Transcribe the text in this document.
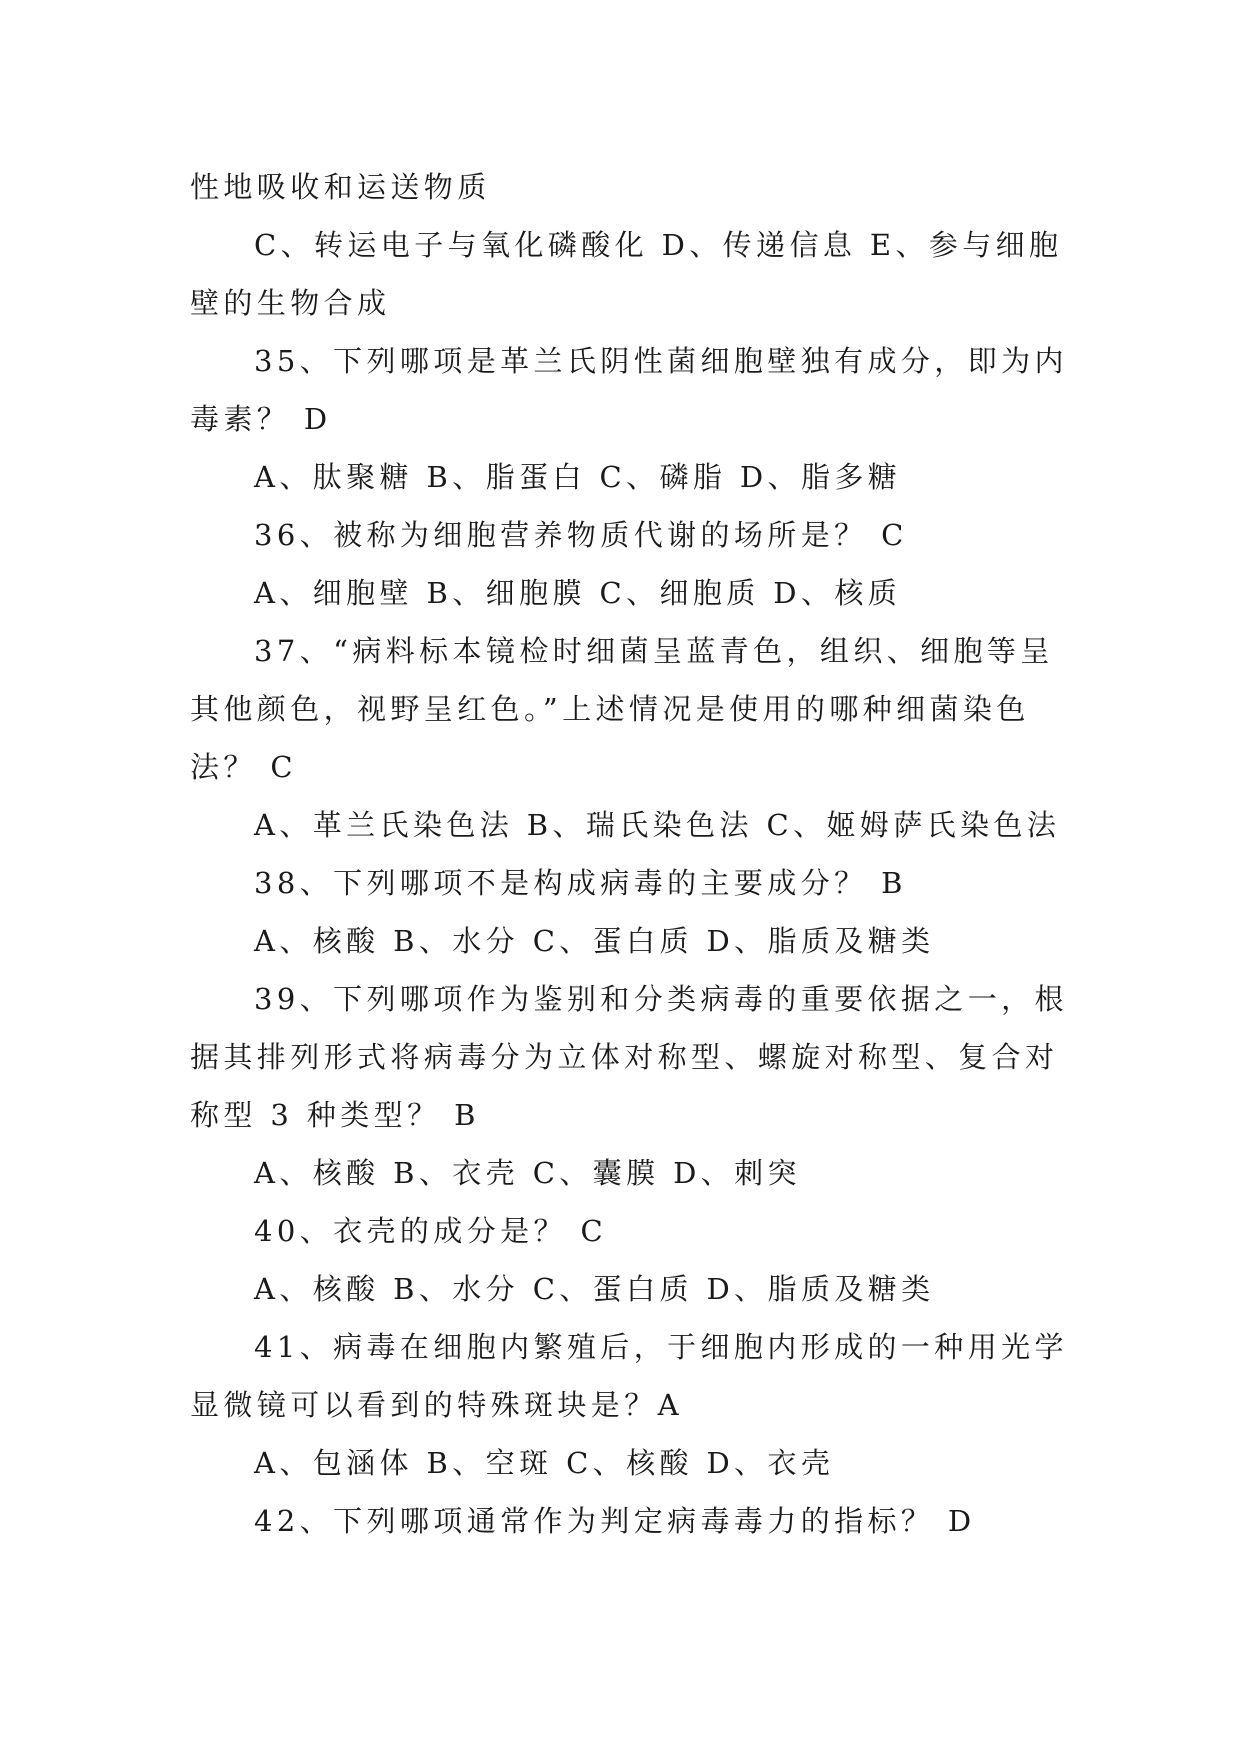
性地吸收和运送物质
C、转运电子与氧化磷酸化 D、传递信息 E、参与细胞
壁的生物合成
35、下列哪项是革兰氏阴性菌细胞壁独有成分，即为内
毒素？ D
A、肽聚糖 B、脂蛋白 C、磷脂 D、脂多糖
36、被称为细胞营养物质代谢的场所是？ C
A、细胞壁 B、细胞膜 C、细胞质 D、核质
37、“病料标本镜检时细菌呈蓝青色，组织、细胞等呈
其他颜色，视野呈红色。”上述情况是使用的哪种细菌染色
法？ C
A、革兰氏染色法 B、瑞氏染色法 C、姬姆萨氏染色法
38、下列哪项不是构成病毒的主要成分？ B
A、核酸 B、水分 C、蛋白质 D、脂质及糖类
39、下列哪项作为鉴别和分类病毒的重要依据之一，根
据其排列形式将病毒分为立体对称型、螺旋对称型、复合对
称型 3 种类型？ B
A、核酸 B、衣壳 C、囊膜 D、刺突
40、衣壳的成分是？ C
A、核酸 B、水分 C、蛋白质 D、脂质及糖类
41、病毒在细胞内繁殖后，于细胞内形成的一种用光学
显微镜可以看到的特殊斑块是？A
A、包涵体 B、空斑 C、核酸 D、衣壳
42、下列哪项通常作为判定病毒毒力的指标？ D
